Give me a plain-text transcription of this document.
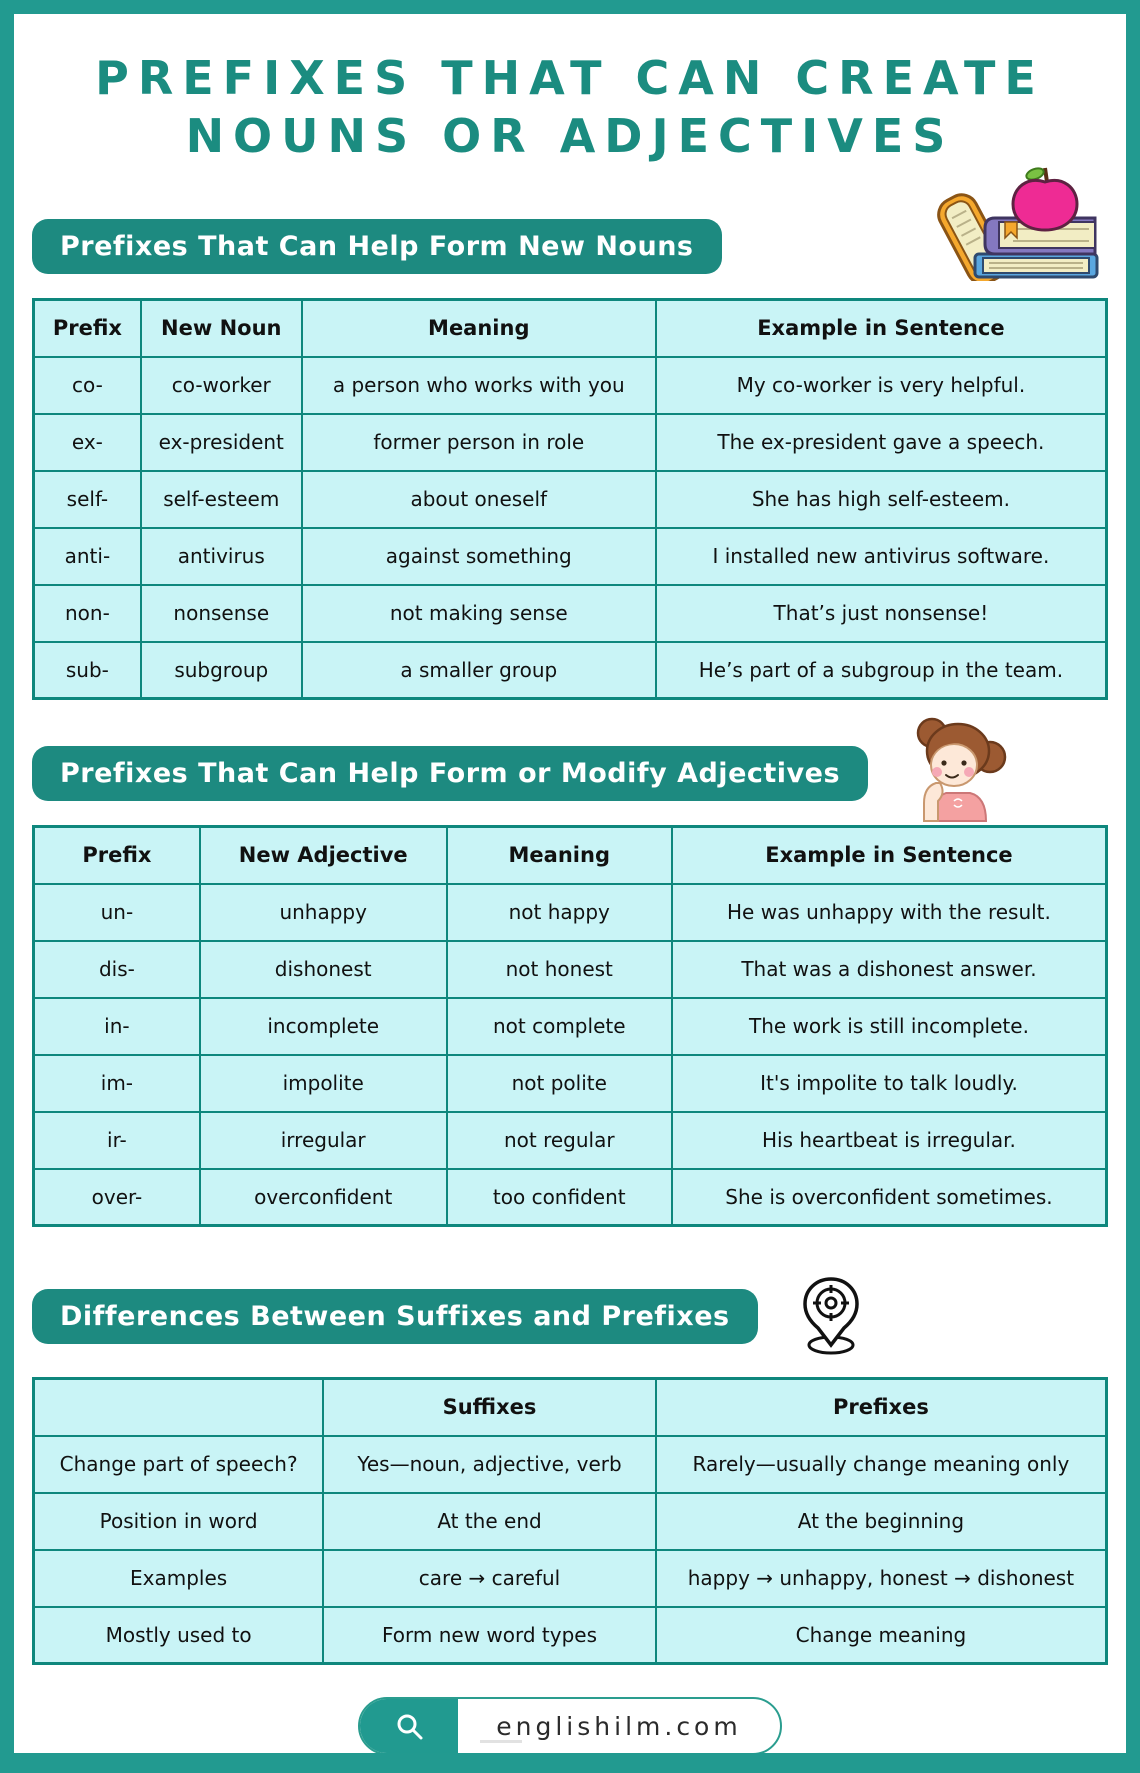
PREFIXES THAT CAN CREATE
NOUNS OR ADJECTIVES
Prefixes That Can Help Form New Nouns
Prefix	New Noun	Meaning	Example in Sentence
co-	co-worker	a person who works with you	My co-worker is very helpful.
ex-	ex-president	former person in role	The ex-president gave a speech.
self-	self-esteem	about oneself	She has high self-esteem.
anti-	antivirus	against something	I installed new antivirus software.
non-	nonsense	not making sense	That’s just nonsense!
sub-	subgroup	a smaller group	He’s part of a subgroup in the team.
Prefixes That Can Help Form or Modify Adjectives
Prefix	New Adjective	Meaning	Example in Sentence
un-	unhappy	not happy	He was unhappy with the result.
dis-	dishonest	not honest	That was a dishonest answer.
in-	incomplete	not complete	The work is still incomplete.
im-	impolite	not polite	It's impolite to talk loudly.
ir-	irregular	not regular	His heartbeat is irregular.
over-	overconfident	too confident	She is overconfident sometimes.
Differences Between Suffixes and Prefixes
	Suffixes	Prefixes
Change part of speech?	Yes—noun, adjective, verb	Rarely—usually change meaning only
Position in word	At the end	At the beginning
Examples	care → careful	happy → unhappy, honest → dishonest
Mostly used to	Form new word types	Change meaning
englishilm.com
